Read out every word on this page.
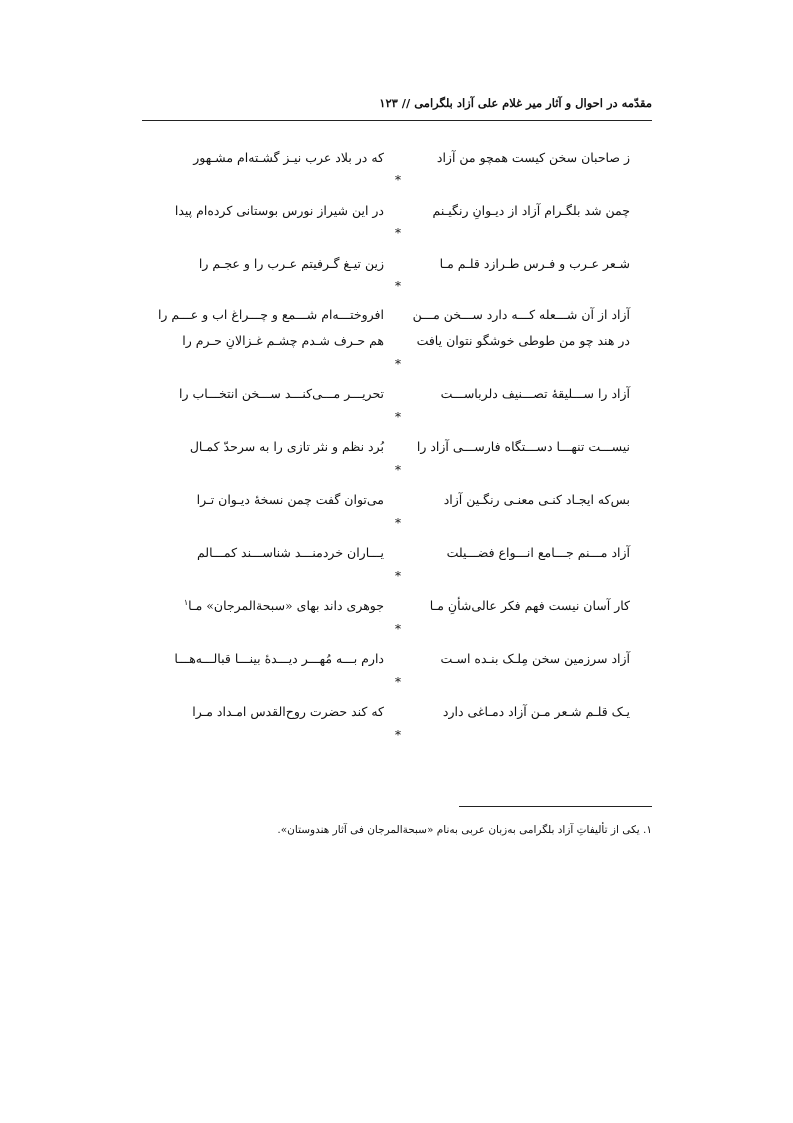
مقدّمه در احوال و آثار میر غلام علی آزاد بلگرامی // ۱۲۳
ز صاحبان سخن کیست همچو من آزاد
که در بلاد عرب نیـز گشـته‌ام مشـهور
*
چمن شد بلگـرام آزاد از دیـوانِ رنگیـنم
در این شیراز نورس بوستانی کرده‌ام پیدا
*
شـعر عـرب و فـرس طـرازد قلـم مـا
زین تیـغ گـرفیتم عـرب را و عجـم را
*
آزاد از آن شـــعله کـــه دارد ســـخن مـــن
افروختـــه‌ام شـــمع و چـــراغ اب و عـــم را
در هند چو من طوطی خوشگو نتوان یافت
هم حـرف شـدم چشـم غـزالانِ حـرم را
*
آزاد را ســـلیقهٔ تصـــنیف دلرباســـت
تحریـــر مـــی‌کنـــد ســـخن انتخـــاب را
*
نیســـت تنهـــا دســـتگاه فارســـی آزاد را
بُرد نظم و نثر تازی را به سرحدّ کمـال
*
بس‌که ایجـاد کنـی معنـی رنگـین آزاد
می‌توان گفت چمن نسخهٔ دیـوان تـرا
*
آزاد مـــنم جـــامع انـــواع فضـــیلت
یـــاران خردمنـــد شناســـند کمـــالم
*
کار آسان نیست فهم فکر عالی‌شأنِ مـا
جوهری داند بهای «سبحةالمرجان» مـا$^۱$
*
آزاد سرزمین سخن مِلـک بنـده اسـت
دارم بـــه مُهـــر دیـــدهٔ بینـــا قبالـــه‌هـــا
*
یـک قلـم شـعر مـن آزاد دمـاغی دارد
که کند حضرت روح‌القدس امـداد مـرا
*
۱. یکی از تألیفاتِ آزاد بلگرامی به‌زبان عربی به‌نام «سبحةالمرجان فی آثار هندوستان».
